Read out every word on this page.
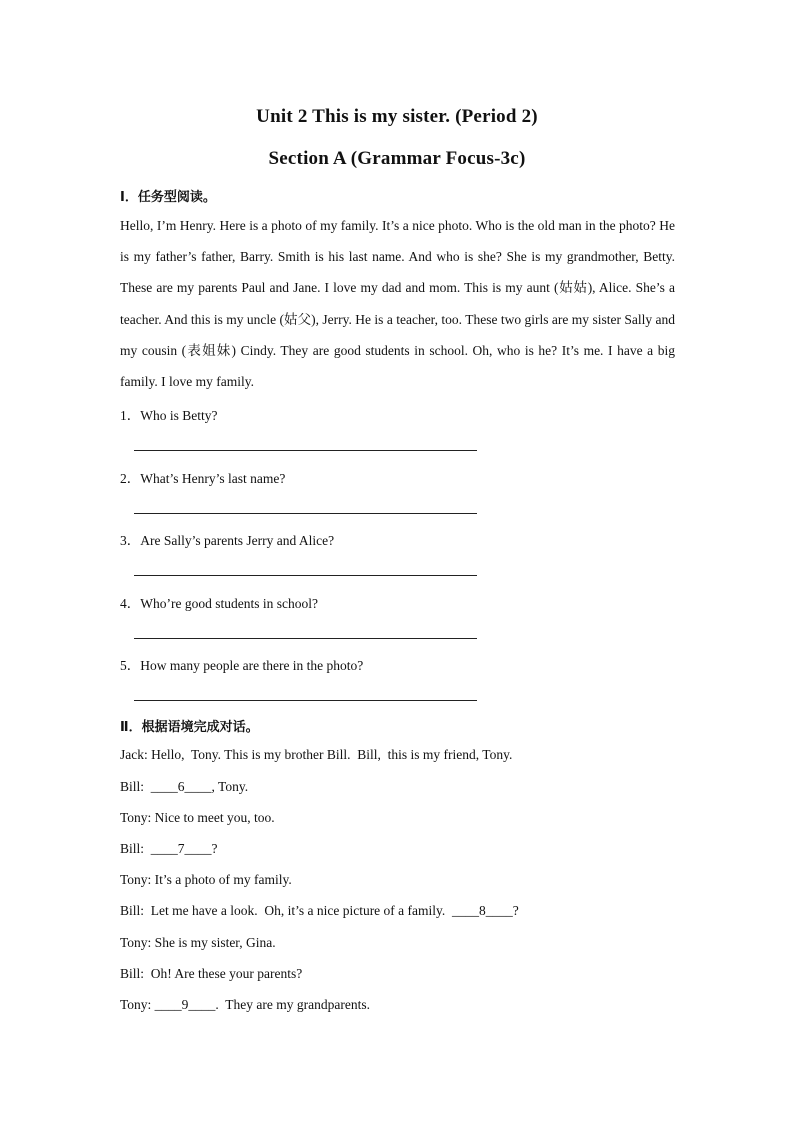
Unit 2 This is my sister. (Period 2)
Section A (Grammar Focus-3c)
Ⅰ．任务型阅读。
Hello, I’m Henry. Here is a photo of my family. It’s a nice photo. Who is the old man in the photo? He is my father’s father, Barry. Smith is his last name. And who is she? She is my grandmother, Betty. These are my parents Paul and Jane. I love my dad and mom. This is my aunt (姑姑), Alice. She’s a teacher. And this is my uncle (姑父), Jerry. He is a teacher, too. These two girls are my sister Sally and my cousin (表姐妹) Cindy. They are good students in school. Oh, who is he? It’s me. I have a big family. I love my family.
1．Who is Betty?
2．What’s Henry’s last name?
3．Are Sally’s parents Jerry and Alice?
4．Who’re good students in school?
5．How many people are there in the photo?
Ⅱ．根据语境完成对话。
Jack: Hello,  Tony. This is my brother Bill.  Bill,  this is my friend, Tony.
Bill:  ____6____, Tony.
Tony: Nice to meet you, too.
Bill:  ____7____?
Tony: It’s a photo of my family.
Bill:  Let me have a look.  Oh, it’s a nice picture of a family.  ____8____?
Tony: She is my sister, Gina.
Bill:  Oh! Are these your parents?
Tony: ____9____.  They are my grandparents.
